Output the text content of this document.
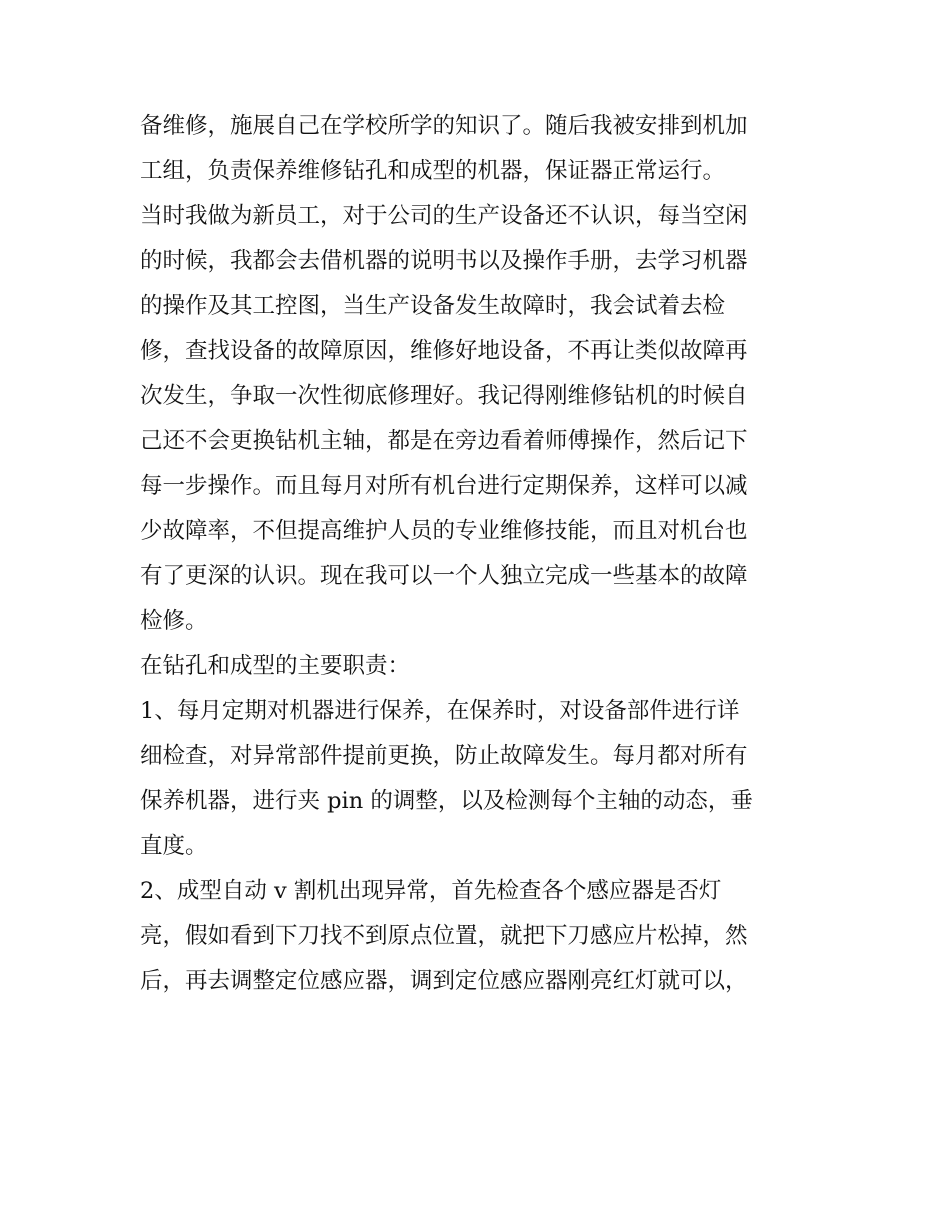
备维修，施展自己在学校所学的知识了。随后我被安排到机加
工组，负责保养维修钻孔和成型的机器，保证器正常运行。
当时我做为新员工，对于公司的生产设备还不认识，每当空闲
的时候，我都会去借机器的说明书以及操作手册，去学习机器
的操作及其工控图，当生产设备发生故障时，我会试着去检
修，查找设备的故障原因，维修好地设备，不再让类似故障再
次发生，争取一次性彻底修理好。我记得刚维修钻机的时候自
己还不会更换钻机主轴，都是在旁边看着师傅操作，然后记下
每一步操作。而且每月对所有机台进行定期保养，这样可以减
少故障率，不但提高维护人员的专业维修技能，而且对机台也
有了更深的认识。现在我可以一个人独立完成一些基本的故障
检修。
在钻孔和成型的主要职责：
1、每月定期对机器进行保养，在保养时，对设备部件进行详
细检查，对异常部件提前更换，防止故障发生。每月都对所有
保养机器，进行夹 pin 的调整，以及检测每个主轴的动态，垂
直度。
2、成型自动 v 割机出现异常，首先检查各个感应器是否灯
亮，假如看到下刀找不到原点位置，就把下刀感应片松掉，然
后，再去调整定位感应器，调到定位感应器刚亮红灯就可以，
